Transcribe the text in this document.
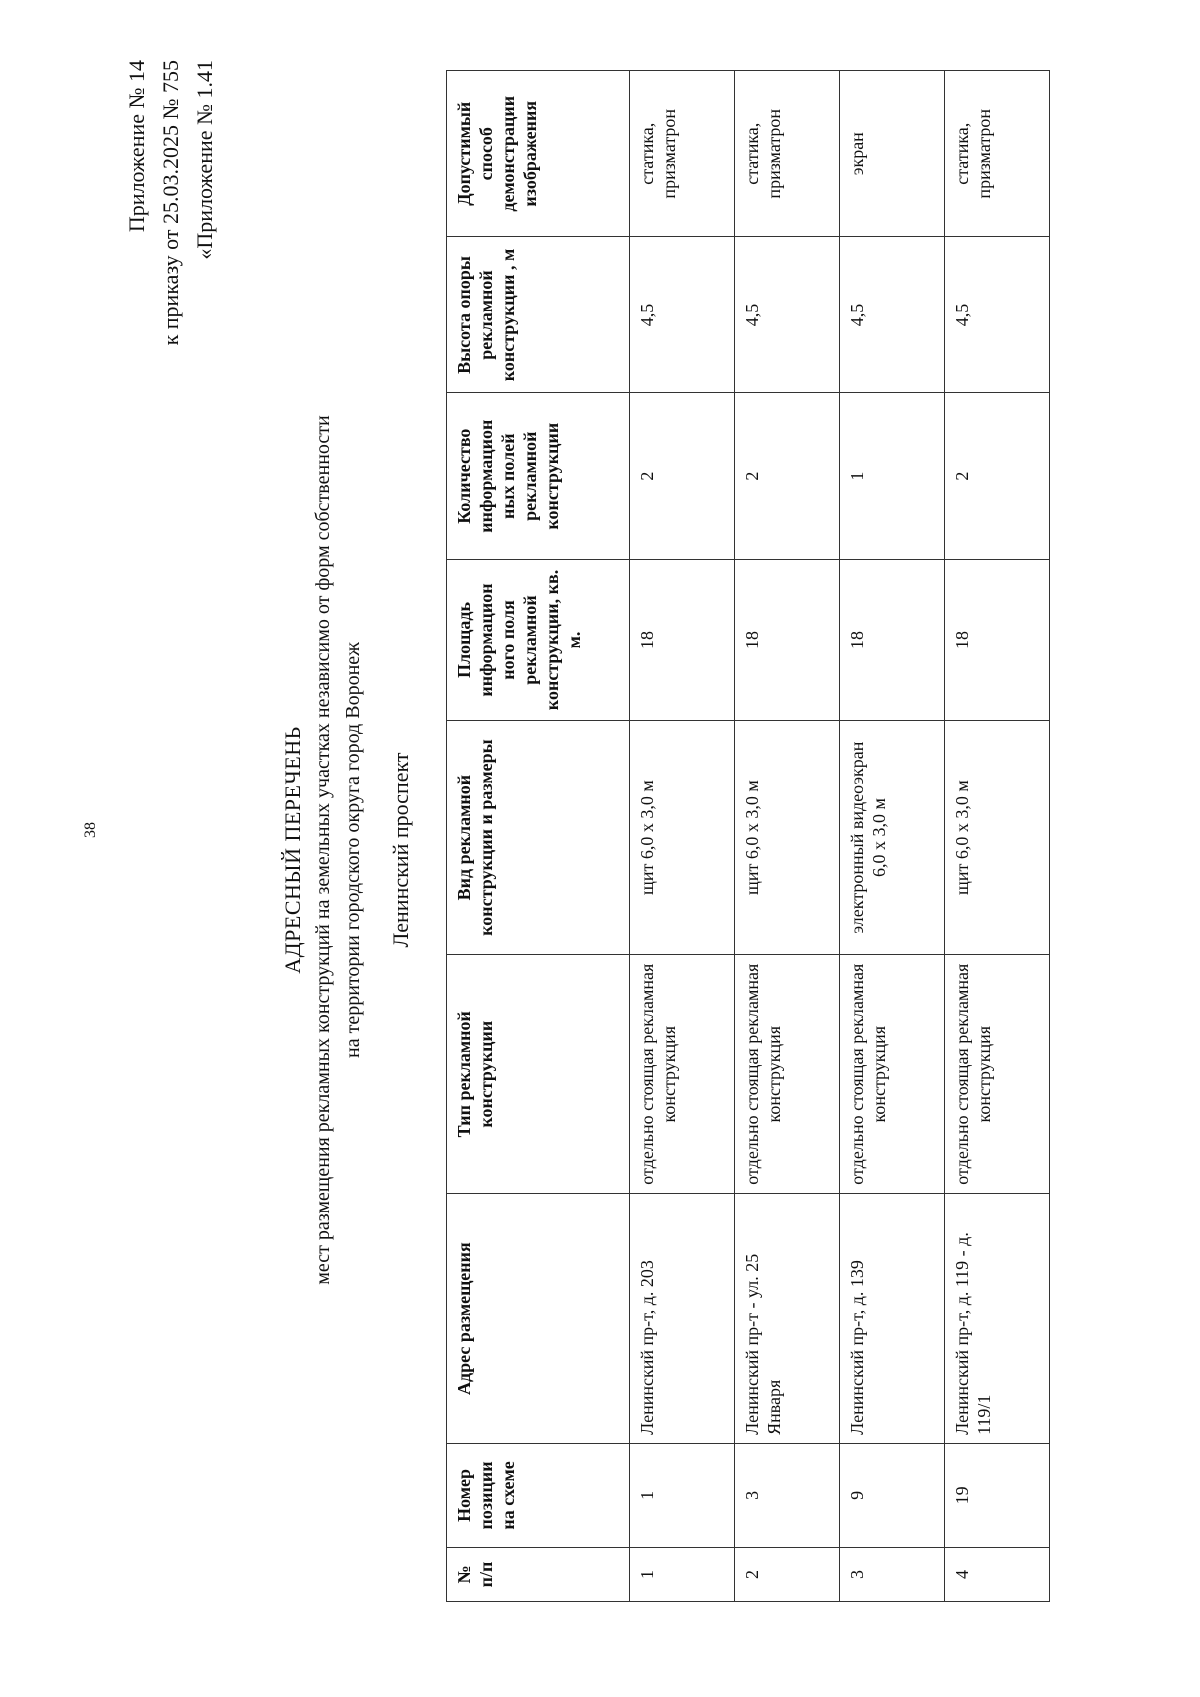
38
Приложение № 14 к приказу от 25.03.2025 № 755 «Приложение № 1.41
АДРЕСНЫЙ ПЕРЕЧЕНЬ мест размещения рекламных конструкций на земельных участках независимо от форм собственности на территории городского округа город Воронеж Ленинский проспект
№ п/п	Номер позиции на схеме	Адрес размещения	Тип рекламной конструкции	Вид рекламной конструкции и размеры	Площадь информацион ного поля рекламной конструкции, кв. м.	Количество информацион ных полей рекламной конструкции	Высота опоры рекламной конструкции , м	Допустимый способ демонстрации изображения
1	1	Ленинский пр-т, д. 203	отдельно стоящая рекламная конструкция	щит 6,0 х 3,0 м	18	2	4,5	статика, призматрон
2	3	Ленинский пр-т - ул. 25 Января	отдельно стоящая рекламная конструкция	щит 6,0 х 3,0 м	18	2	4,5	статика, призматрон
3	9	Ленинский пр-т, д. 139	отдельно стоящая рекламная конструкция	электронный видеоэкран 6,0 х 3,0 м	18	1	4,5	экран
4	19	Ленинский пр-т, д. 119 - д. 119/1	отдельно стоящая рекламная конструкция	щит 6,0 х 3,0 м	18	2	4,5	статика, призматрон
